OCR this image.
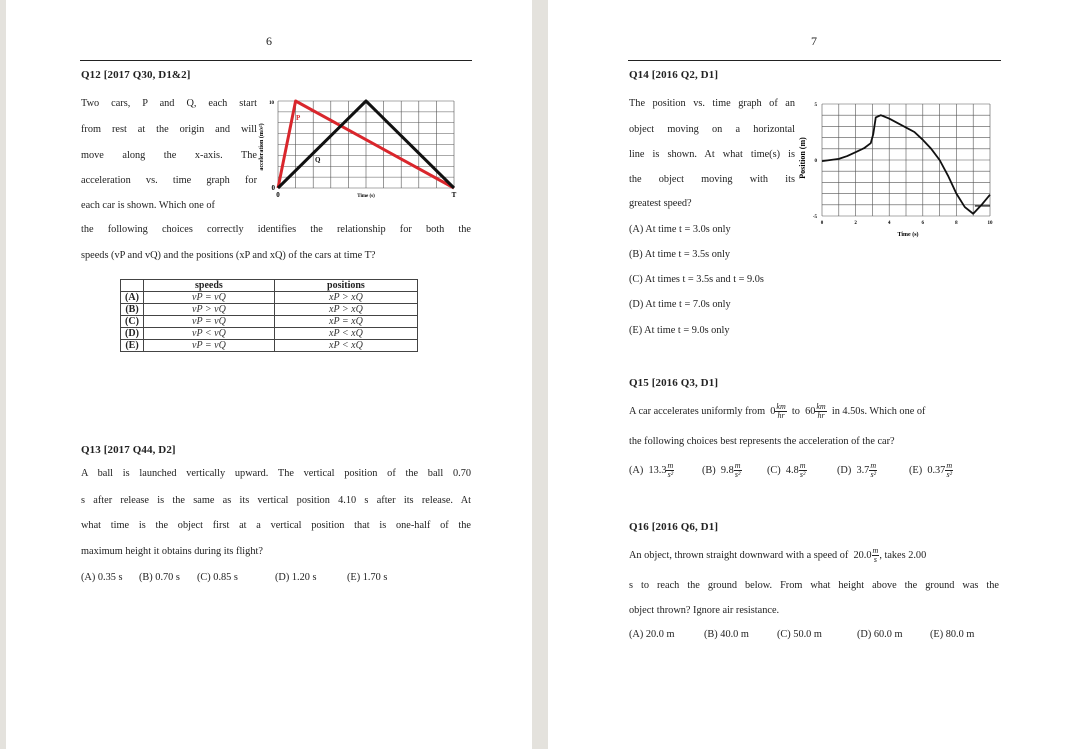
6
Q12 [2017 Q30, D1&2]
Two cars, P and Q, each start
from rest at the origin and will
move along the x-axis. The
acceleration vs. time graph for
each car is shown. Which one of
the following choices correctly identifies the relationship for both the
speeds (vP and vQ) and the positions (xP and xQ) of the cars at time T?
acceleration (m/s²)
10
0
0	T
Time (s)
P
Q
	speeds	positions
(A)	vP = vQ	xP > xQ
(B)	vP > vQ	xP > xQ
(C)	vP = vQ	xP = xQ
(D)	vP < vQ	xP < xQ
(E)	vP = vQ	xP < xQ
Q13 [2017 Q44, D2]
A ball is launched vertically upward. The vertical position of the ball 0.70
s after release is the same as its vertical position 4.10 s after its release. At
what time is the object first at a vertical position that is one-half of the
maximum height it obtains during its flight?
(A) 0.35 s (B) 0.70 s (C) 0.85 s	(D) 1.20 s	(E) 1.70 s
7
Q14 [2016 Q2, D1]
The position vs. time graph of an
object moving on a horizontal
line is shown. At what time(s) is
the object moving with its
greatest speed?
(A) At time t = 3.0s only
(B) At time t = 3.5s only
(C) At times t = 3.5s and t = 9.0s
(D) At time t = 7.0s only
(E) At time t = 9.0s only
Position (m)
5
0
-5
0	2	4	6	8	10
Time (s)
Q15 [2016 Q3, D1]
A car accelerates uniformly from $0 \frac{km}{hr}$ to $60 \frac{km}{hr}$ in 4.50s. Which one of
the following choices best represents the acceleration of the car?
(A) $13.3 \frac{m}{\text{s²}}$	(B) $9.8 \frac{m}{\text{s²}} (C)$ $4.8 \frac{m}{\text{s²}}$	(D) $3.7 \frac{m}{\text{s²}}$	(E) $0.37 \frac{m}{\text{s²}}$
Q16 [2016 Q6, D1]
An object, thrown straight downward with a speed of $20.0 \frac{m}{s}$ , takes 2.00
s to reach the ground below. From what height above the ground was the
object thrown? Ignore air resistance.
(A) 20.0 m	(B) 40.0 m	(C) 50.0 m	(D) 60.0 m	(E) 80.0 m
